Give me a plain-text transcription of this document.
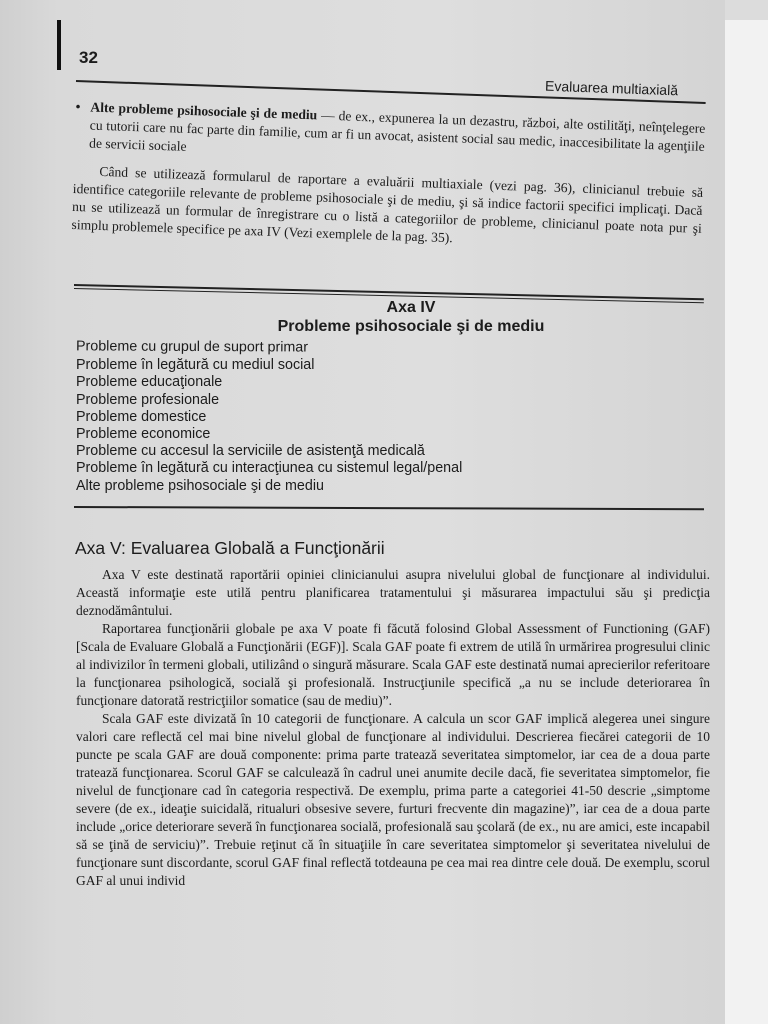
32
Evaluarea multiaxială

• Alte probleme psihosociale şi de mediu — de ex., expunerea la un dezastru, război, alte ostilităţi, neînţelegere cu tutorii care nu fac parte din familie, cum ar fi un avocat, asistent social sau medic, inaccesibilitate la agenţiile de servicii sociale

Când se utilizează formularul de raportare a evaluării multiaxiale (vezi pag. 36), clinicianul trebuie să identifice categoriile relevante de probleme psihosociale şi de mediu, şi să indice factorii specifici implicaţi. Dacă nu se utilizează un formular de înregistrare cu o listă a categoriilor de probleme, clinicianul poate nota pur şi simplu problemele specifice pe axa IV (Vezi exemplele de la pag. 35).

Axa IV
Probleme psihosociale şi de mediu
Probleme cu grupul de suport primar
Probleme în legătură cu mediul social
Probleme educaţionale
Probleme profesionale
Probleme domestice
Probleme economice
Probleme cu accesul la serviciile de asistenţă medicală
Probleme în legătură cu interacţiunea cu sistemul legal/penal
Alte probleme psihosociale şi de mediu
Axa V: Evaluarea Globală a Funcţionării

Axa V este destinată raportării opiniei clinicianului asupra nivelului global de funcţionare al individului. Această informaţie este utilă pentru planificarea tratamentului şi măsurarea impactului său şi predicţia deznodământului.

Raportarea funcţionării globale pe axa V poate fi făcută folosind Global Assessment of Functioning (GAF) [Scala de Evaluare Globală a Funcţionării (EGF)]. Scala GAF poate fi extrem de utilă în urmărirea progresului clinic al indivizilor în termeni globali, utilizând o singură măsurare. Scala GAF este destinată numai aprecierilor referitoare la funcţionarea psihologică, socială şi profesională. Instrucţiunile specifică „a nu se include deteriorarea în funcţionare datorată restricţiilor somatice (sau de mediu)”.

Scala GAF este divizată în 10 categorii de funcţionare. A calcula un scor GAF implică alegerea unei singure valori care reflectă cel mai bine nivelul global de funcţionare al individului. Descrierea fiecărei categorii de 10 puncte pe scala GAF are două componente: prima parte tratează severitatea simptomelor, iar cea de a doua parte tratează funcţionarea. Scorul GAF se calculează în cadrul unei anumite decile dacă, fie severitatea simptomelor, fie nivelul de funcţionare cad în categoria respectivă. De exemplu, prima parte a categoriei 41-50 descrie „simptome severe (de ex., ideaţie suicidală, ritualuri obsesive severe, furturi frecvente din magazine)”, iar cea de a doua parte include „orice deteriorare severă în funcţionarea socială, profesională sau şcolară (de ex., nu are amici, este incapabil să se ţină de serviciu)”. Trebuie reţinut că în situaţiile în care severitatea simptomelor şi severitatea nivelului de funcţionare sunt discordante, scorul GAF final reflectă totdeauna pe cea mai rea dintre cele două. De exemplu, scorul GAF al unui individ
